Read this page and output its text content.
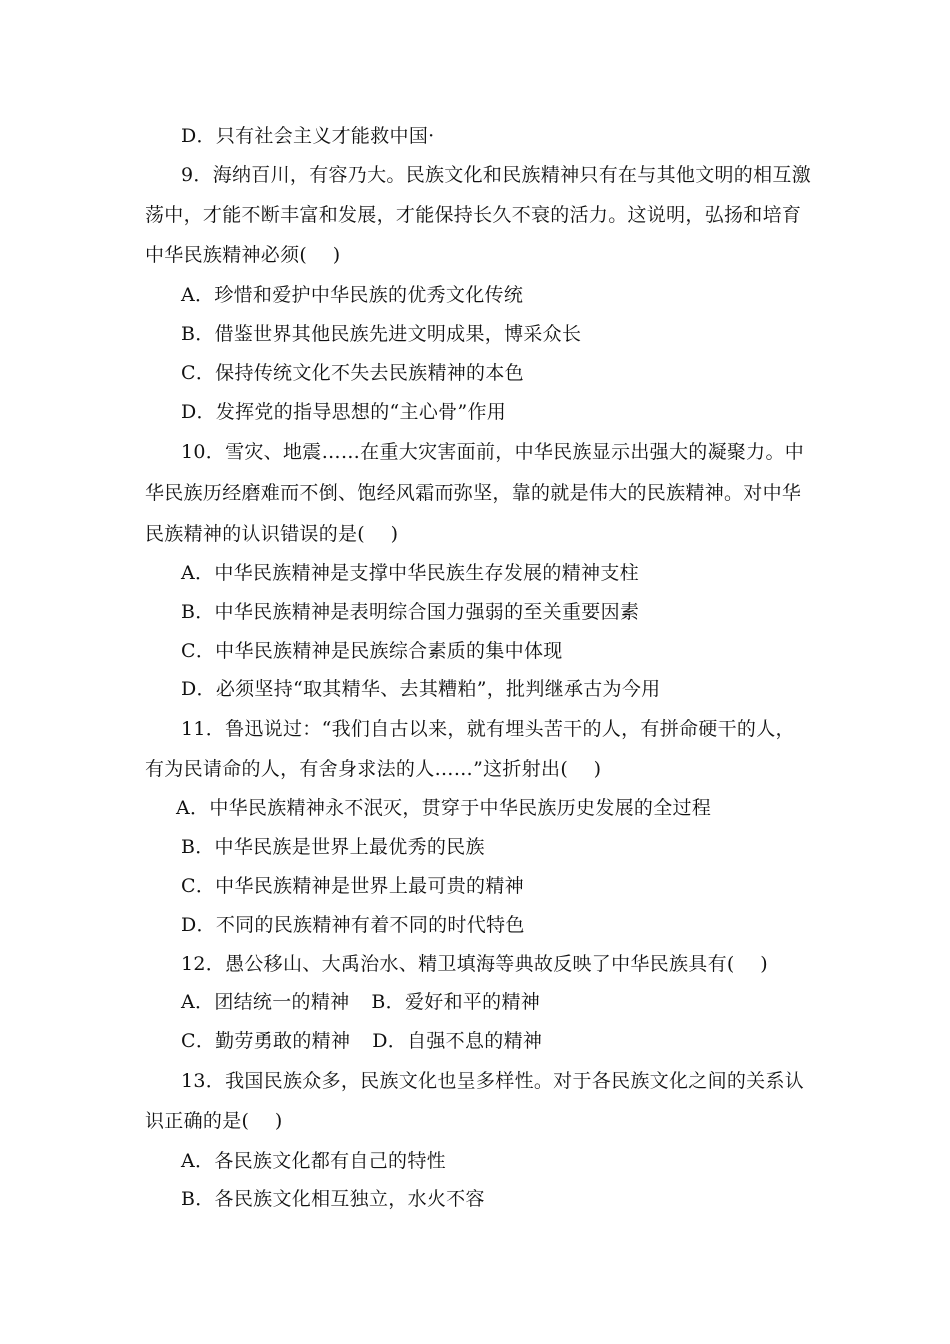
D．只有社会主义才能救中国·
9．海纳百川，有容乃大。民族文化和民族精神只有在与其他文明的相互激
荡中，才能不断丰富和发展，才能保持长久不衰的活力。这说明，弘扬和培育
中华民族精神必须(　 )
A．珍惜和爱护中华民族的优秀文化传统
B．借鉴世界其他民族先进文明成果，博采众长
C．保持传统文化不失去民族精神的本色
D．发挥党的指导思想的“主心骨”作用
10．雪灾、地震……在重大灾害面前，中华民族显示出强大的凝聚力。中
华民族历经磨难而不倒、饱经风霜而弥坚，靠的就是伟大的民族精神。对中华
民族精神的认识错误的是(　 )
A．中华民族精神是支撑中华民族生存发展的精神支柱
B．中华民族精神是表明综合国力强弱的至关重要因素
C．中华民族精神是民族综合素质的集中体现
D．必须坚持“取其精华、去其糟粕”，批判继承古为今用
11．鲁迅说过：“我们自古以来，就有埋头苦干的人，有拼命硬干的人，
有为民请命的人，有舍身求法的人……”这折射出(　 )
A．中华民族精神永不泯灭，贯穿于中华民族历史发展的全过程
B．中华民族是世界上最优秀的民族
C．中华民族精神是世界上最可贵的精神
D．不同的民族精神有着不同的时代特色
12．愚公移山、大禹治水、精卫填海等典故反映了中华民族具有(　 )
A．团结统一的精神 B．爱好和平的精神
C．勤劳勇敢的精神 D．自强不息的精神
13．我国民族众多，民族文化也呈多样性。对于各民族文化之间的关系认
识正确的是(　 )
A．各民族文化都有自己的特性
B．各民族文化相互独立，水火不容
